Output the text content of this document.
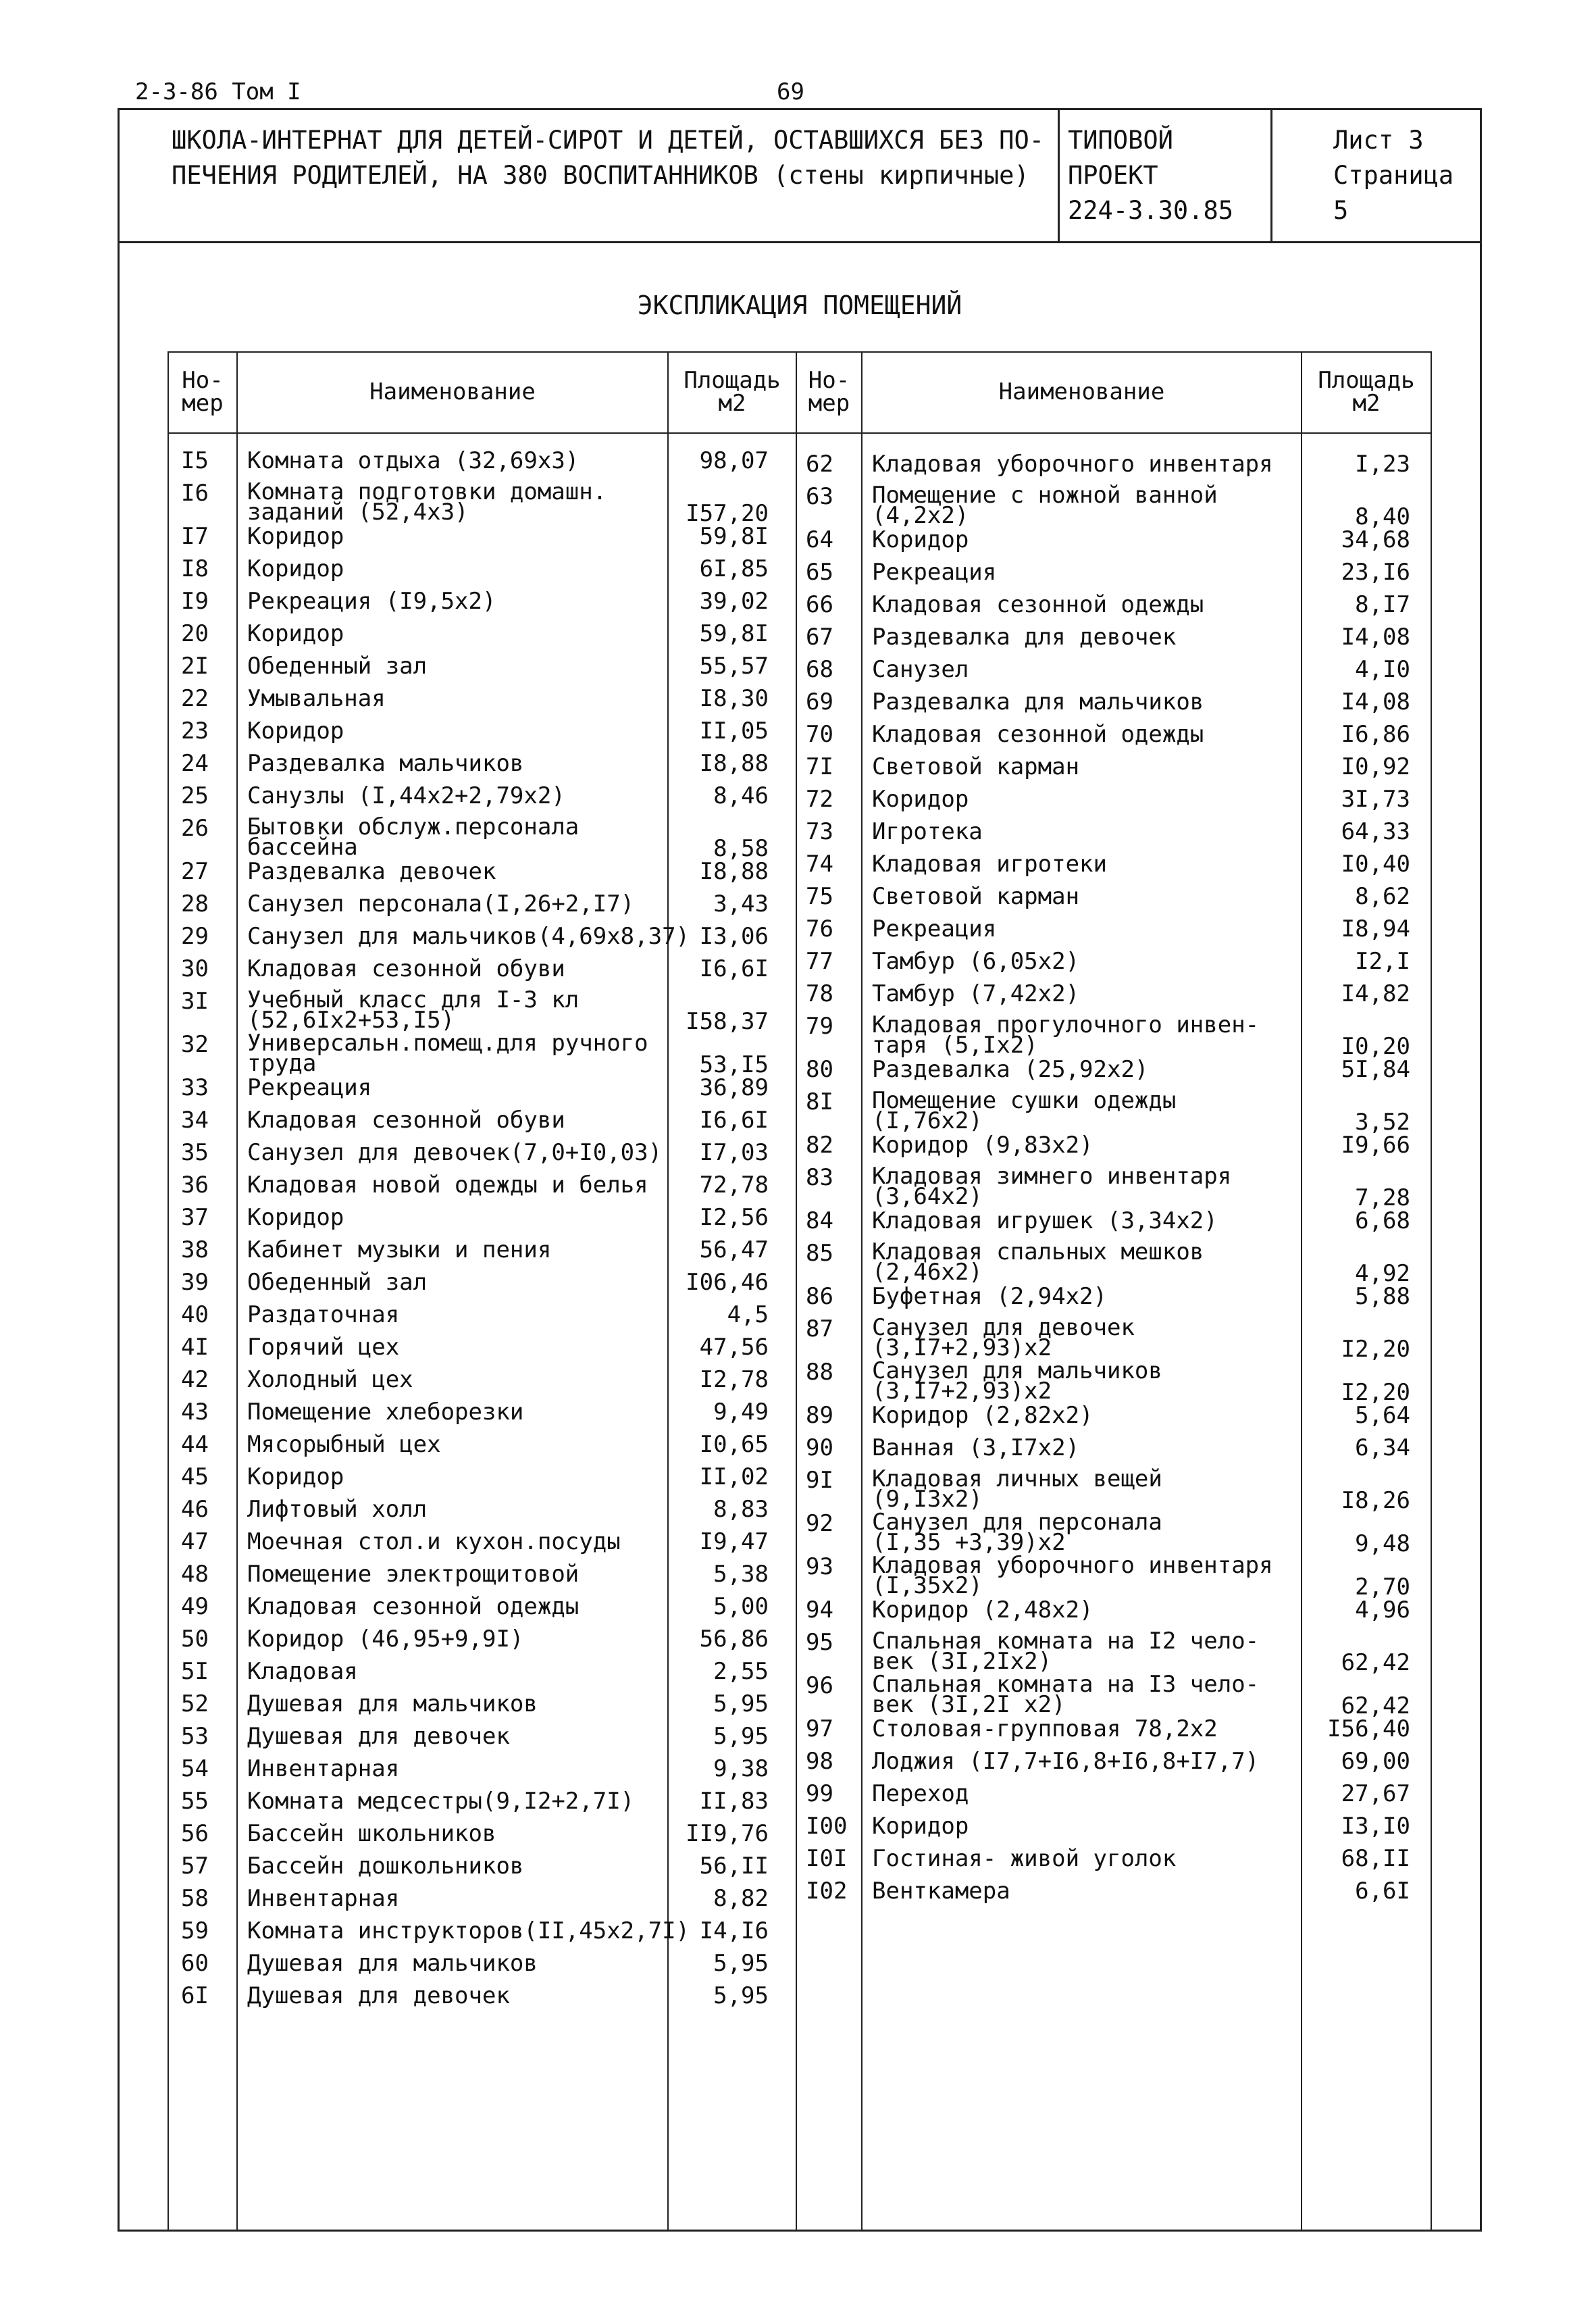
2-3-86 Том I	69
ШКОЛА-ИНТЕРНАТ ДЛЯ ДЕТЕЙ-СИРОТ И ДЕТЕЙ, ОСТАВШИХСЯ БЕЗ ПО-
ПЕЧЕНИЯ РОДИТЕЛЕЙ, НА 380 ВОСПИТАННИКОВ (стены кирпичные)
ТИПОВОЙ ПРОЕКТ
224-3.30.85
Лист 3
Страница 5
ЭКСПЛИКАЦИЯ ПОМЕЩЕНИЙ
Но-
мер	Наименование	Площадь
м2
Но-
мер	Наименование	Площадь
м2
I5 Комната отдыха (32,69х3)	98,07
I6 Комната подготовки домашн.
заданий (52,4х3)	I57,20
I7 Коридор	59,8I
I8 Коридор	6I,85
I9 Рекреация (I9,5х2)	39,02
20 Коридор	59,8I
2I Обеденный зал	55,57
22 Умывальная	I8,30
23 Коридор	II,05
24 Раздевалка мальчиков	I8,88
25 Санузлы (I,44х2+2,79х2)	8,46
26 Бытовки обслуж.персонала
бассейна	8,58
27 Раздевалка девочек	I8,88
28 Санузел персонала(I,26+2,I7)	3,43
29 Санузел для мальчиков(4,69х8,37) I3,06
30 Кладовая сезонной обуви	I6,6I
3I Учебный класс для I-3 кл
(52,6Iх2+53,I5)	I58,37
32 Универсальн.помещ.для ручного
труда	53,I5
33 Рекреация	36,89
34 Кладовая сезонной обуви	I6,6I
35 Санузел для девочек(7,0+I0,03)	I7,03
36 Кладовая новой одежды и белья	72,78
37 Коридор	I2,56
38 Кабинет музыки и пения	56,47
39 Обеденный зал	I06,46
40 Раздаточная	4,5
4I Горячий цех	47,56
42 Холодный цех	I2,78
43 Помещение хлеборезки	9,49
44 Мясорыбный цех	I0,65
45 Коридор	II,02
46 Лифтовый холл	8,83
47 Моечная стол.и кухон.посуды	I9,47
48 Помещение электрощитовой	5,38
49 Кладовая сезонной одежды	5,00
50 Коридор (46,95+9,9I)	56,86
5I Кладовая	2,55
52 Душевая для мальчиков	5,95
53 Душевая для девочек	5,95
54 Инвентарная	9,38
55 Комната медсестры(9,I2+2,7I)	II,83
56 Бассейн школьников	II9,76
57 Бассейн дошкольников	56,II
58 Инвентарная	8,82
59 Комната инструкторов(II,45х2,7I) I4,I6
60 Душевая для мальчиков	5,95
6I Душевая для девочек	5,95
62 Кладовая уборочного инвентаря	I,23
63 Помещение с ножной ванной
(4,2х2)	8,40
64 Коридор	34,68
65 Рекреация	23,I6
66 Кладовая сезонной одежды	8,I7
67 Раздевалка для девочек	I4,08
68 Санузел	4,I0
69 Раздевалка для мальчиков	I4,08
70 Кладовая сезонной одежды	I6,86
7I Световой карман	I0,92
72 Коридор	3I,73
73 Игротека	64,33
74 Кладовая игротеки	I0,40
75 Световой карман	8,62
76 Рекреация	I8,94
77 Тамбур (6,05х2)	I2,I
78 Тамбур (7,42х2)	I4,82
79 Кладовая прогулочного инвен-
таря (5,Iх2)	I0,20
80 Раздевалка (25,92х2)	5I,84
8I Помещение сушки одежды
(I,76х2)	3,52
82 Коридор (9,83х2)	I9,66
83 Кладовая зимнего инвентаря
(3,64х2)	7,28
84 Кладовая игрушек (3,34х2)	6,68
85 Кладовая спальных мешков
(2,46х2)	4,92
86 Буфетная (2,94х2)	5,88
87 Санузел для девочек
(3,I7+2,93)х2	I2,20
88 Санузел для мальчиков
(3,I7+2,93)х2	I2,20
89 Коридор (2,82х2)	5,64
90 Ванная (3,I7х2)	6,34
9I Кладовая личных вещей
(9,I3х2)	I8,26
92 Санузел для персонала
(I,35 +3,39)х2	9,48
93 Кладовая уборочного инвентаря
(I,35х2)	2,70
94 Коридор (2,48х2)	4,96
95 Спальная комната на I2 чело-
век (3I,2Iх2)	62,42
96 Спальная комната на I3 чело-
век (3I,2I х2)	62,42
97 Столовая-групповая 78,2х2	I56,40
98 Лоджия (I7,7+I6,8+I6,8+I7,7)	69,00
99 Переход	27,67
I00 Коридор	I3,I0
I0I Гостиная- живой уголок	68,II
I02 Венткамера	6,6I
